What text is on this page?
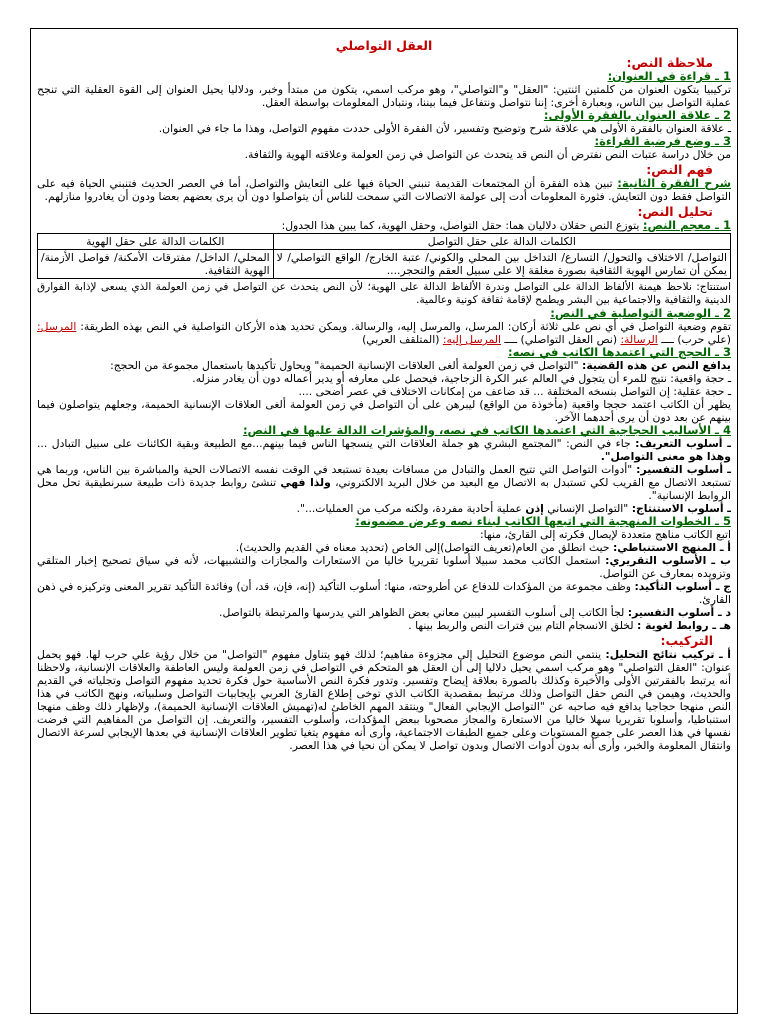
العقل التواصلي
ملاحظة النص:

1 ـ قراءة في العنوان:

تركيبيا يتكون العنوان من كلمتين اثنتين: "العقل" و"التواصلي"، وهو مركب اسمي، يتكون من مبتدأ وخبر، ودلاليا يحيل العنوان إلى القوة العقلية التي تنجح عملية التواصل بين الناس، وبعبارة أخرى: إننا نتواصل ونتفاعل فيما بيننا، ونتبادل المعلومات بواسطة العقل.

2 ـ علاقة العنوان بالفقرة الأولى:

ـ علاقة العنوان بالفقرة الأولى هي علاقة شرح وتوضيح وتفسير، لأن الفقرة الأولى حددت مفهوم التواصل، وهذا ما جاء في العنوان.

3 ـ وضع فرضية القراءة:

من خلال دراسة عتبات النص نفترض أن النص قد يتحدث عن التواصل في زمن العولمة وعلاقته الهوية والثقافة.

فهم النص:

شرح الفقرة الثانية: تبين هذه الفقرة أن المجتمعات القديمة تنبني الحياة فيها على التعايش والتواصل، أما في العصر الحديث فتنبني الحياة فيه على التواصل فقط دون التعايش. فثورة المعلومات أدت إلى عولمة الاتصالات التي سمحت للناس أن يتواصلوا دون أن يرى بعضهم بعضا ودون أن يغادروا منازلهم.

تحليل النص:

1 ـ معجم النص: يتوزع النص حقلان دلاليان هما: حقل التواصل، وحقل الهوية، كما يبين هذا الجدول:

الكلمات الدالة على حقل التواصل	الكلمات الدالة على حقل الهوية
التواصل/ الاختلاف والتحول/ التسارع/ التداخل بين المحلي والكوني/ عتبة الخارج/ الواقع التواصلي/ لا يمكن أن تمارس الهوية الثقافية بصورة مغلقة إلا على سبيل العقم والتحجر....	المحلي/ الداخل/ مفترقات الأمكنة/ فواصل الأزمنة/ الهوية الثقافية.

استنتاج: نلاحظ هيمنة الألفاظ الدالة على التواصل وندرة الألفاظ الدالة على الهوية؛ لأن النص يتحدث عن التواصل في زمن العولمة الذي يسعى لإذابة الفوارق الدينية والثقافية والاجتماعية بين البشر ويطمح لإقامة ثقافة كونية وعالمية.

2 ـ الوضعية التواصلية في النص:

تقوم وضعية التواصل في أي نص على ثلاثة أركان: المرسل، والمرسل إليه، والرسالة. ويمكن تحديد هذه الأركان التواصلية في النص بهذه الطريقة: المرسل: (علي حرب) ــــ الرسالة: (نص العقل التواصلي) ــــ المرسل إليه: (المتلقف العربي)

3 ـ الحجج التي اعتمدها الكاتب في نصه:

يدافع النص عن هذه القضية: "التواصل في زمن العولمة ألغى العلاقات الإنسانية الحميمة" ويحاول تأكيدها باستعمال مجموعة من الحجج:

ـ حجة واقعية: نتيج للمرء أن يتجول في العالم عبر الكرة الزجاجية، فيحصل على معارفه أو يدير أعماله دون أن يغادر منزله.

ـ حجة عقلية: إن التواصل بنسخه المختلفة ... قد ضاعف من إمكانات الاختلاف في عصر أضحى ....

يظهر أن الكاتب اعتمد حججا واقعية (مأخوذة من الواقع) ليبرهن على أن التواصل في زمن العولمة ألغى العلاقات الإنسانية الحميمة، وجعلهم يتواصلون فيما بينهم عن بعد دون أن يرى أحدهما الآخر.

4 ـ الأساليب الحجاجية التي اعتمدها الكاتب في نصه، والمؤشرات الدالة عليها في النص:

ـ أسلوب التعريف: جاء في النص: "المجتمع البشري هو جملة العلاقات التي ينسجها الناس فيما بينهم...مع الطبيعة وبقية الكائنات على سبيل التبادل ... وهذا هو معنى التواصل".

ـ أسلوب التفسير: "أدوات التواصل التي تتيح العمل والتبادل من مسافات بعيدة تستبعد في الوقت نفسه الاتصالات الحية والمباشرة بين الناس، وربما هي تستبعد الاتصال مع القريب لكي تستبدل به الاتصال مع البعيد من خلال البريد الالكتروني، ولذا فهي تنشئ روابط جديدة ذات طبيعة سبرنطيقية تحل محل الروابط الإنسانية".

ـ أسلوب الاستنتاج: "التواصل الإنساني إذن عملية أحادية مفردة، ولكنه مركب من العمليات...".

5 ـ الخطوات المنهجية التي اتبعها الكاتب لبناء نصه وعرض مضمونه:

اتبع الكاتب مناهج متعددة لإيصال فكرته إلى القارئ، منها:

أ ـ المنهج الاستنباطي: حيث انطلق من العام(تعريف التواصل)إلى الخاص (تحديد معناه في القديم والحديث).

ب ـ الأسلوب التقريري: استعمل الكاتب محمد سبيلا أسلوبا تقريريا خاليا من الاستعارات والمجازات والتشبيهات، لأنه في سياق تصحيح إخبار المتلقي وتزويده بمعارف عن التواصل.

ج ـ أسلوب التأكيد: وظف مجموعة من المؤكدات للدفاع عن أطروحته، منها: أسلوب التأكيد (إنه، فإن، قد، أن) وفائدة التأكيد تقرير المعنى وتركيزه في ذهن القارئ.

د ـ أسلوب التفسير: لجأ الكاتب إلى أسلوب التفسير ليبين معاني بعض الظواهر التي يدرسها والمرتبطة بالتواصل.

هـ ـ روابط لغوية : لخلق الانسجام التام بين فترات النص والربط بينها .

التركيب:

أ ـ تركيب نتائج التحليل: ينتمي النص موضوع التحليل إلى مجزوءة مفاهيم؛ لذلك فهو يتناول مفهوم "التواصل" من خلال رؤية علي حرب لها. فهو يحمل عنوان: "العقل التواصلي" وهو مركب اسمي يحيل دلاليا إلى أن العقل هو المتحكم في التواصل في زمن العولمة وليس العاطفة والعلاقات الإنسانية، ولاحظنا أنه يرتبط بالفقرتين الأولى والأخيرة وكذلك بالصورة بعلاقة إيضاح وتفسير. وتدور فكرة النص الأساسية حول فكرة تحديد مفهوم التواصل وتجلياته في القديم والحديث، وهيمن في النص حقل التواصل وذلك مرتبط بمقصدية الكاتب الذي توخى إطلاع القارئ العربي بإيجابيات التواصل وسلبياته، ونهج الكاتب في هذا النص منهجا حجاجيا يدافع فيه صاحبه عن "التواصل الإيجابي الفعال" وينتقد المهم الخاطئ له(تهميش العلاقات الإنسانية الحميمة)، ولإظهار ذلك وظف منهجا استنباطيا، وأسلوبا تقريريا سهلا خاليا من الاستعارة والمجاز مصحوبا ببعض المؤكدات، وأسلوب التفسير، والتعريف. إن التواصل من المفاهيم التي فرضت نفسها في هذا العصر على جميع المستويات وعلى جميع الطبقات الاجتماعية، وأرى أنه مفهوم يتغيا تطوير العلاقات الإنسانية في بعدها الإيجابي لسرعة الاتصال وانتقال المعلومة والخبر، وأرى أنه بدون أدوات الاتصال وبدون تواصل لا يمكن أن نحيا في هذا العصر.
